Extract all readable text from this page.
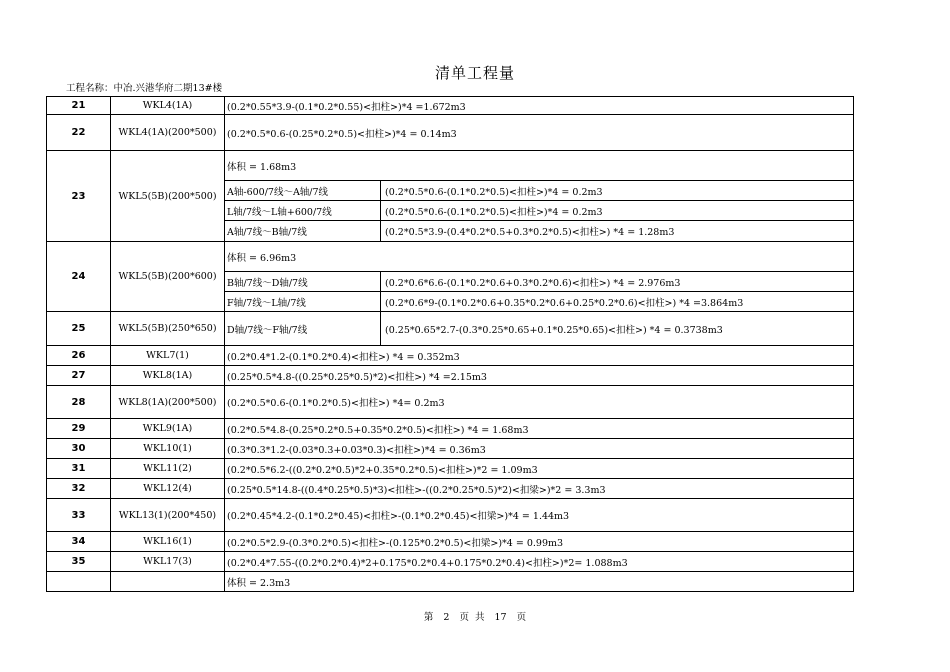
清单工程量
工程名称：中冶.兴港华府二期13#楼
21	WKL4(1A)	(0.2*0.55*3.9-(0.1*0.2*0.55)<扣柱>)*4 =1.672m3	
22	WKL4(1A)(200*500)	(0.2*0.5*0.6-(0.25*0.2*0.5)<扣柱>)*4 = 0.14m3	
23	WKL5(5B)(200*500)	体积 = 1.68m3	
		A轴-600/7线～A轴/7线	(0.2*0.5*0.6-(0.1*0.2*0.5)<扣柱>)*4 = 0.2m3
		L轴/7线～L轴+600/7线	(0.2*0.5*0.6-(0.1*0.2*0.5)<扣柱>)*4 = 0.2m3
		A轴/7线～B轴/7线	(0.2*0.5*3.9-(0.4*0.2*0.5+0.3*0.2*0.5)<扣柱>) *4 = 1.28m3
24	WKL5(5B)(200*600)	体积 = 6.96m3	
		B轴/7线～D轴/7线	(0.2*0.6*6.6-(0.1*0.2*0.6+0.3*0.2*0.6)<扣柱>) *4 = 2.976m3
		F轴/7线～L轴/7线	(0.2*0.6*9-(0.1*0.2*0.6+0.35*0.2*0.6+0.25*0.2*0.6)<扣柱>) *4 =3.864m3
25	WKL5(5B)(250*650)	D轴/7线～F轴/7线	(0.25*0.65*2.7-(0.3*0.25*0.65+0.1*0.25*0.65)<扣柱>) *4 = 0.3738m3
26	WKL7(1)	(0.2*0.4*1.2-(0.1*0.2*0.4)<扣柱>) *4 = 0.352m3	
27	WKL8(1A)	(0.25*0.5*4.8-((0.25*0.25*0.5)*2)<扣柱>) *4 =2.15m3	
28	WKL8(1A)(200*500)	(0.2*0.5*0.6-(0.1*0.2*0.5)<扣柱>) *4= 0.2m3	
29	WKL9(1A)	(0.2*0.5*4.8-(0.25*0.2*0.5+0.35*0.2*0.5)<扣柱>) *4 = 1.68m3	
30	WKL10(1)	(0.3*0.3*1.2-(0.03*0.3+0.03*0.3)<扣柱>)*4 = 0.36m3	
31	WKL11(2)	(0.2*0.5*6.2-((0.2*0.2*0.5)*2+0.35*0.2*0.5)<扣柱>)*2 = 1.09m3	
32	WKL12(4)	(0.25*0.5*14.8-((0.4*0.25*0.5)*3)<扣柱>-((0.2*0.25*0.5)*2)<扣梁>)*2 = 3.3m3	
33	WKL13(1)(200*450)	(0.2*0.45*4.2-(0.1*0.2*0.45)<扣柱>-(0.1*0.2*0.45)<扣梁>)*4 = 1.44m3	
34	WKL16(1)	(0.2*0.5*2.9-(0.3*0.2*0.5)<扣柱>-(0.125*0.2*0.5)<扣梁>)*4 = 0.99m3	
35	WKL17(3)	(0.2*0.4*7.55-((0.2*0.2*0.4)*2+0.175*0.2*0.4+0.175*0.2*0.4)<扣柱>)*2= 1.088m3	
		体积 = 2.3m3	
第 2 页 共 17 页
